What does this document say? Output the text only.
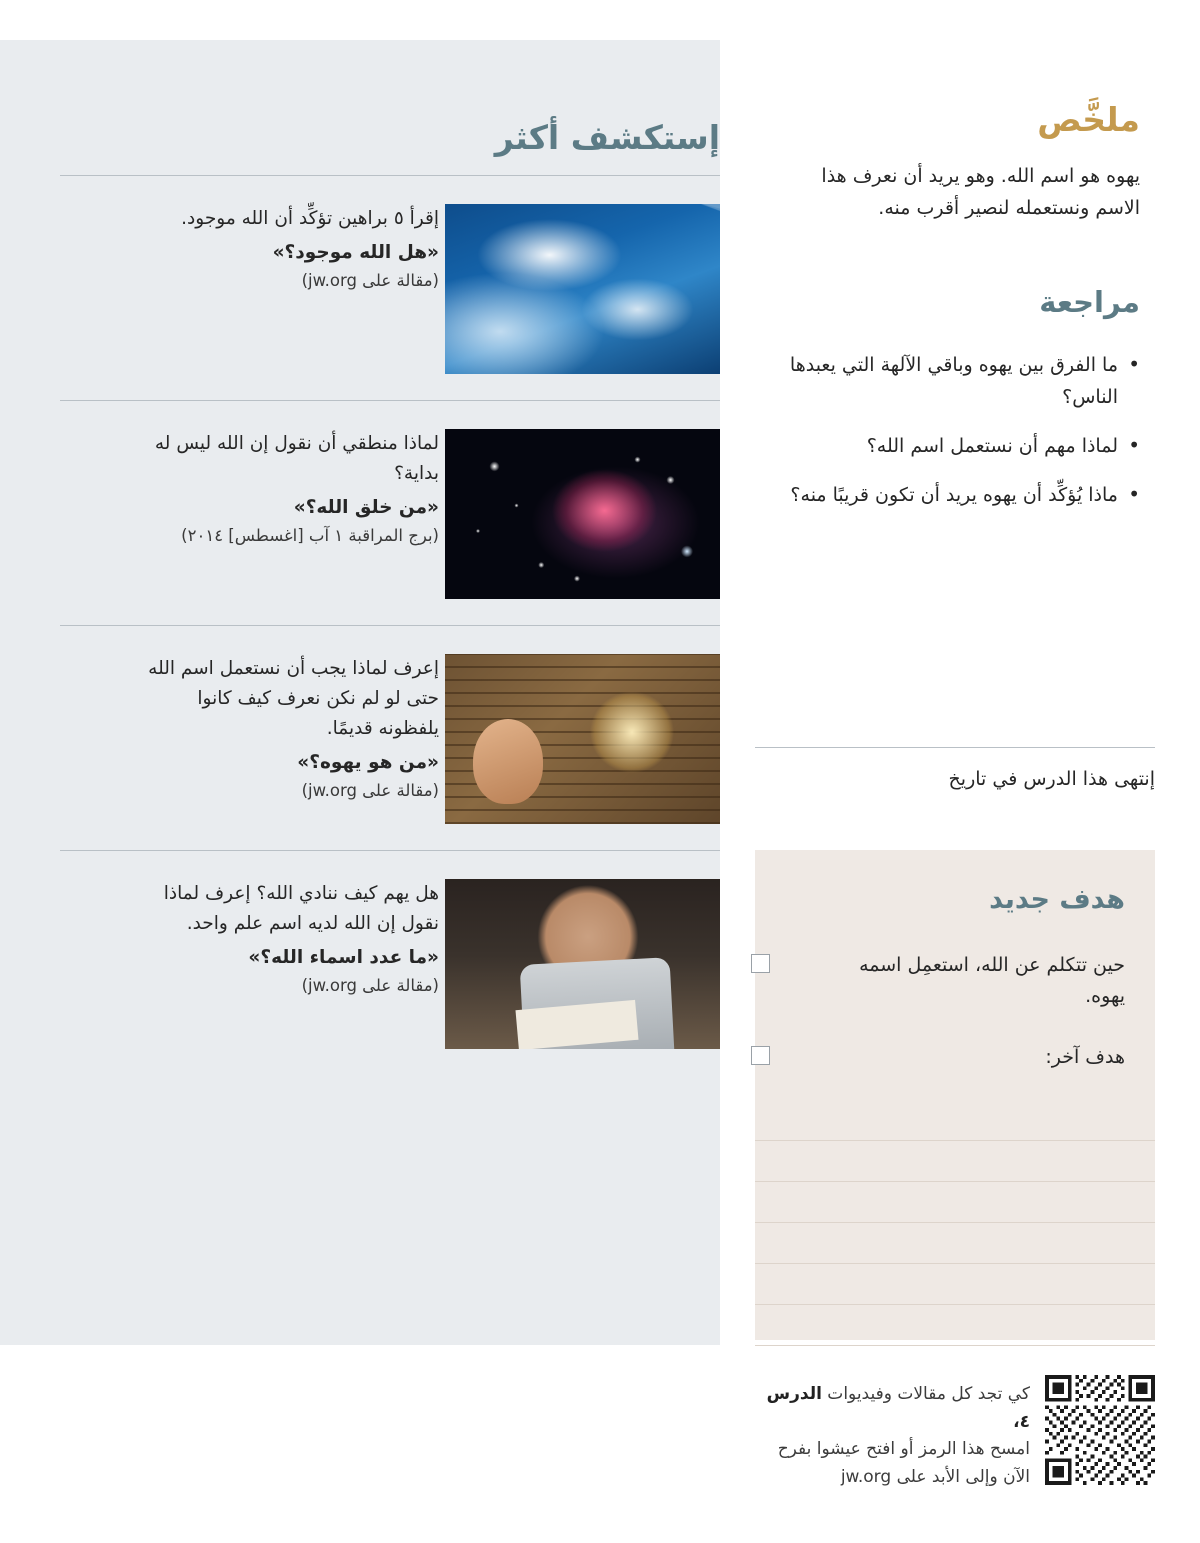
إستكشف أكثر
إقرأ ٥ براهين تؤكِّد أن الله موجود.
«هل الله موجود؟»
(مقالة على jw.org)
لماذا منطقي أن نقول إن الله ليس له بداية؟
«من خلق الله؟»
(برج المراقبة ١ آب [اغسطس] ٢٠١٤)
إعرف لماذا يجب أن نستعمل اسم الله حتى لو لم نكن نعرف كيف كانوا يلفظونه قديمًا.
«من هو يهوه؟»
(مقالة على jw.org)
هل يهم كيف ننادي الله؟ إعرف لماذا نقول إن الله لديه اسم علم واحد.
«ما عدد اسماء الله؟»
(مقالة على jw.org)
ملخَّص
يهوه هو اسم الله. وهو يريد أن نعرف هذا الاسم ونستعمله لنصير أقرب منه.
مراجعة
• ما الفرق بين يهوه وباقي الآلهة التي يعبدها الناس؟
• لماذا مهم أن نستعمل اسم الله؟
• ماذا يُؤكِّد أن يهوه يريد أن تكون قريبًا منه؟
إنتهى هذا الدرس في تاريخ
هدف جديد
حين تتكلم عن الله، استعمِل اسمه يهوه.
هدف آخر:
كي تجد كل مقالات وفيديوات الدرس ٤،
امسح هذا الرمز أو افتح عيشوا بفرح
الآن وإلى الأبد على jw.org
